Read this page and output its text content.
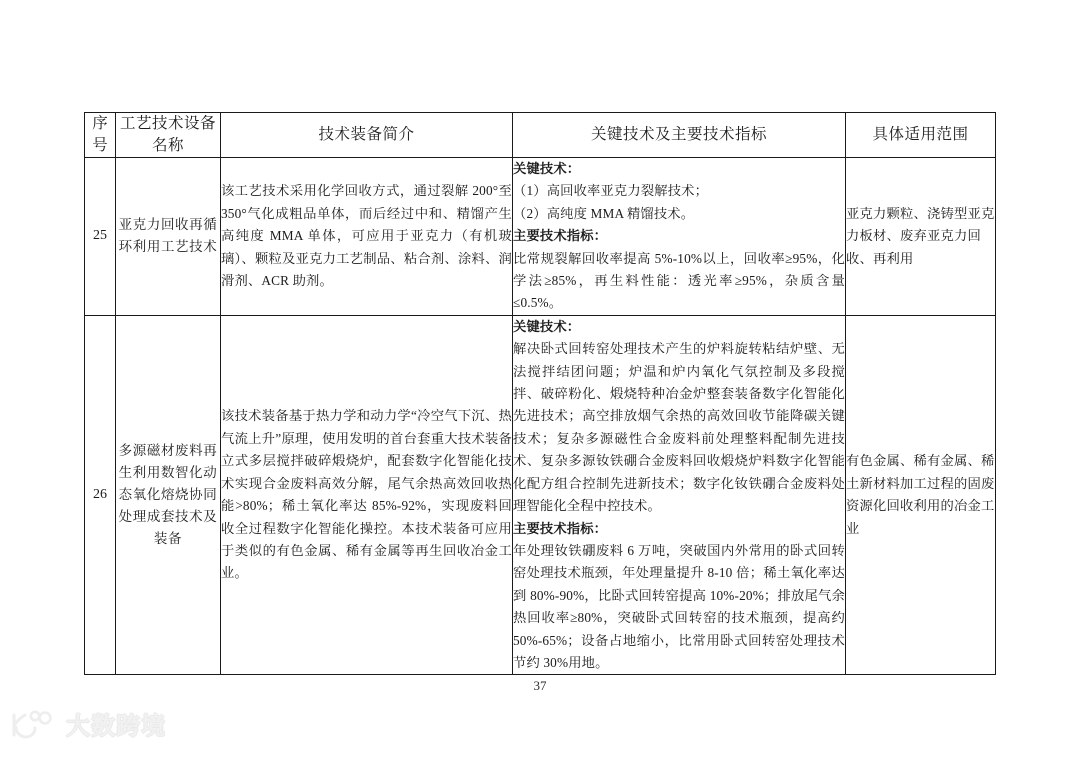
序号	工艺技术设备名称	技术装备简介	关键技术及主要技术指标	具体适用范围
25	亚克力回收再循环利用工艺技术	该工艺技术采用化学回收方式，通过裂解 200°至 350°气化成粗品单体，而后经过中和、精馏产生高纯度 MMA 单体，可应用于亚克力（有机玻璃）、颗粒及亚克力工艺制品、粘合剂、涂料、润滑剂、ACR 助剂。	关键技术：
（1）高回收率亚克力裂解技术；
（2）高纯度 MMA 精馏技术。
主要技术指标：
比常规裂解回收率提高 5%-10%以上，回收率≥95%，化学法≥85%，再生料性能：透光率≥95%，杂质含量≤0.5%。	亚克力颗粒、浇铸型亚克力板材、废弃亚克力回收、再利用
26	多源磁材废料再生利用数智化动态氧化熔烧协同处理成套技术及装备	该技术装备基于热力学和动力学“冷空气下沉、热气流上升”原理，使用发明的首台套重大技术装备立式多层搅拌破碎煅烧炉，配套数字化智能化技术实现合金废料高效分解，尾气余热高效回收热能>80%；稀土氧化率达 85%-92%，实现废料回收全过程数字化智能化操控。本技术装备可应用于类似的有色金属、稀有金属等再生回收冶金工业。	关键技术：
解决卧式回转窑处理技术产生的炉料旋转粘结炉壁、无法搅拌结团问题；炉温和炉内氧化气氛控制及多段搅拌、破碎粉化、煅烧特种冶金炉整套装备数字化智能化先进技术；高空排放烟气余热的高效回收节能降碳关键技术；复杂多源磁性合金废料前处理整料配制先进技术、复杂多源钕铁硼合金废料回收煅烧炉料数字化智能化配方组合控制先进新技术；数字化钕铁硼合金废料处理智能化全程中控技术。
主要技术指标：
年处理钕铁硼废料 6 万吨，突破国内外常用的卧式回转窑处理技术瓶颈，年处理量提升 8-10 倍；稀土氧化率达到 80%-90%，比卧式回转窑提高 10%-20%；排放尾气余热回收率≥80%，突破卧式回转窑的技术瓶颈，提高约 50%-65%；设备占地缩小，比常用卧式回转窑处理技术节约 30%用地。	有色金属、稀有金属、稀土新材料加工过程的固废资源化回收利用的冶金工业
37
大数跨境
